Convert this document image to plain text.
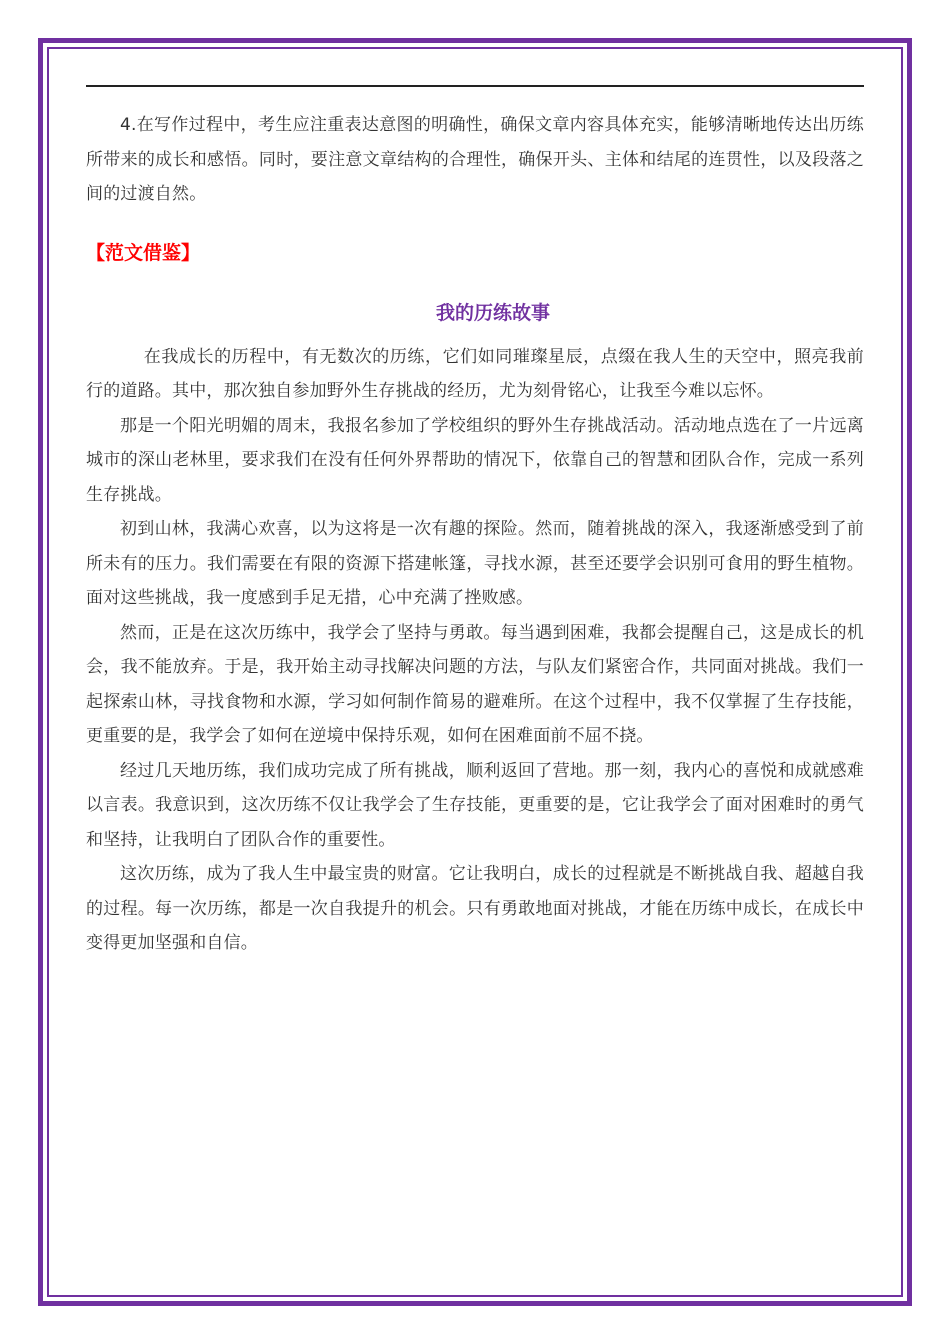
4.在写作过程中，考生应注重表达意图的明确性，确保文章内容具体充实，能够清晰地传达出历练所带来的成长和感悟。同时，要注意文章结构的合理性，确保开头、主体和结尾的连贯性，以及段落之间的过渡自然。

【范文借鉴】
我的历练故事

在我成长的历程中，有无数次的历练，它们如同璀璨星辰，点缀在我人生的天空中，照亮我前行的道路。其中，那次独自参加野外生存挑战的经历，尤为刻骨铭心，让我至今难以忘怀。

那是一个阳光明媚的周末，我报名参加了学校组织的野外生存挑战活动。活动地点选在了一片远离城市的深山老林里，要求我们在没有任何外界帮助的情况下，依靠自己的智慧和团队合作，完成一系列生存挑战。

初到山林，我满心欢喜，以为这将是一次有趣的探险。然而，随着挑战的深入，我逐渐感受到了前所未有的压力。我们需要在有限的资源下搭建帐篷，寻找水源，甚至还要学会识别可食用的野生植物。面对这些挑战，我一度感到手足无措，心中充满了挫败感。

然而，正是在这次历练中，我学会了坚持与勇敢。每当遇到困难，我都会提醒自己，这是成长的机会，我不能放弃。于是，我开始主动寻找解决问题的方法，与队友们紧密合作，共同面对挑战。我们一起探索山林，寻找食物和水源，学习如何制作简易的避难所。在这个过程中，我不仅掌握了生存技能，更重要的是，我学会了如何在逆境中保持乐观，如何在困难面前不屈不挠。

经过几天地历练，我们成功完成了所有挑战，顺利返回了营地。那一刻，我内心的喜悦和成就感难以言表。我意识到，这次历练不仅让我学会了生存技能，更重要的是，它让我学会了面对困难时的勇气和坚持，让我明白了团队合作的重要性。

这次历练，成为了我人生中最宝贵的财富。它让我明白，成长的过程就是不断挑战自我、超越自我的过程。每一次历练，都是一次自我提升的机会。只有勇敢地面对挑战，才能在历练中成长，在成长中变得更加坚强和自信。
